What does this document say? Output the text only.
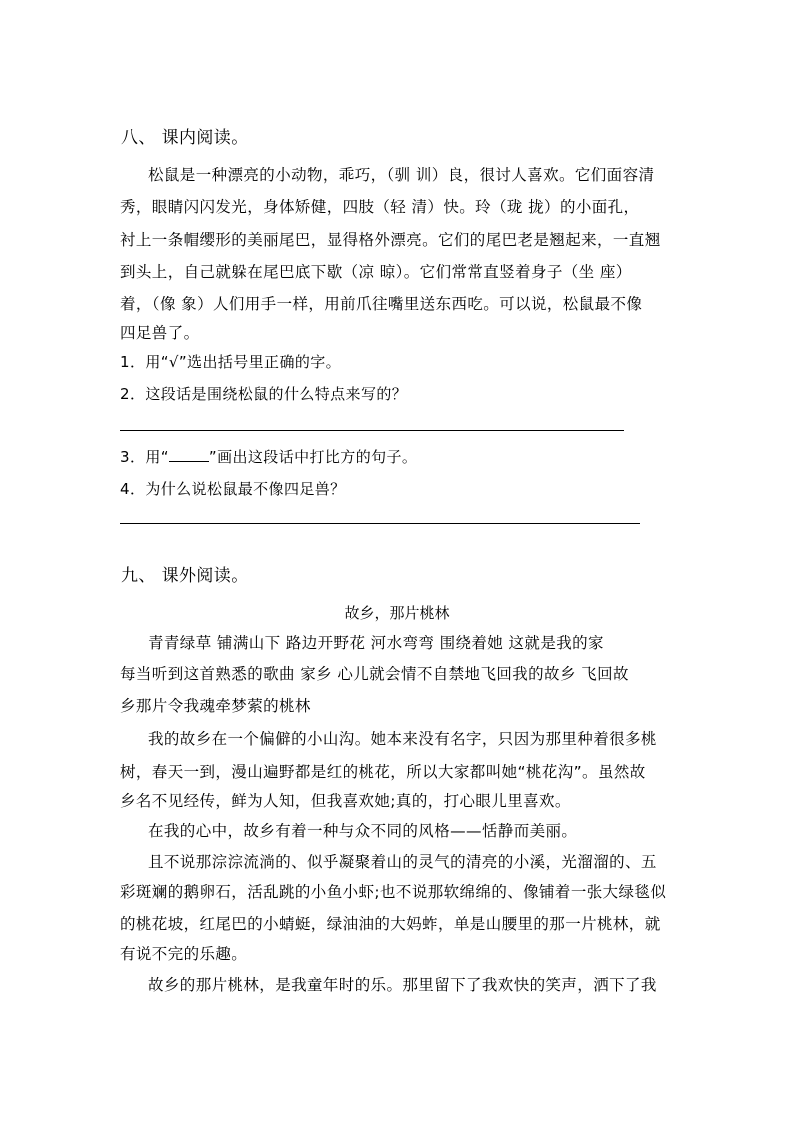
八、 课内阅读。
松鼠是一种漂亮的小动物，乖巧，（驯 训）良，很讨人喜欢。它们面容清
秀，眼睛闪闪发光，身体矫健，四肢（轻 清）快。玲（珑 拢）的小面孔，
衬上一条帽缨形的美丽尾巴，显得格外漂亮。它们的尾巴老是翘起来，一直翘
到头上，自己就躲在尾巴底下歇（凉 晾）。它们常常直竖着身子（坐 座）
着，（像 象）人们用手一样，用前爪往嘴里送东西吃。可以说，松鼠最不像
四足兽了。
1．用“√”选出括号里正确的字。
2．这段话是围绕松鼠的什么特点来写的？
3．用“	”画出这段话中打比方的句子。
4．为什么说松鼠最不像四足兽？
九、 课外阅读。
故乡，那片桃林
青青绿草 铺满山下 路边开野花 河水弯弯 围绕着她 这就是我的家
每当听到这首熟悉的歌曲 家乡 心儿就会情不自禁地飞回我的故乡 飞回故
乡那片令我魂牵梦萦的桃林
我的故乡在一个偏僻的小山沟。她本来没有名字，只因为那里种着很多桃
树，春天一到，漫山遍野都是红的桃花，所以大家都叫她“桃花沟”。虽然故
乡名不见经传，鲜为人知，但我喜欢她;真的，打心眼儿里喜欢。
在我的心中，故乡有着一种与众不同的风格——恬静而美丽。
且不说那淙淙流淌的、似乎凝聚着山的灵气的清亮的小溪，光溜溜的、五
彩斑斓的鹅卵石，活乱跳的小鱼小虾;也不说那软绵绵的、像铺着一张大绿毯似
的桃花坡，红尾巴的小蜻蜓，绿油油的大妈蚱，单是山腰里的那一片桃林，就
有说不完的乐趣。
故乡的那片桃林，是我童年时的乐。那里留下了我欢快的笑声，洒下了我
